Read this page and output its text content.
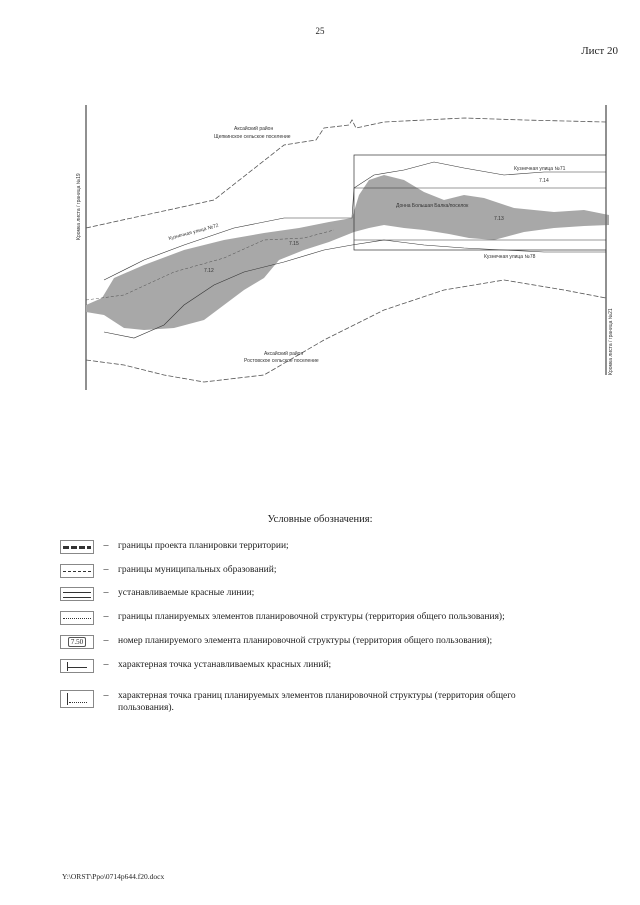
25
Лист 20
Аксайский район
Щепкинское сельское поселение
Аксайский район
Ростовское сельское поселение
Кузнечная улица №71
Кузнечная улица №72
Кузнечная улица №78
Донна Большая Балка/поселок
7.12
7.13
7.14
7.15
Кромка листа / граница №19
Кромка листа / граница №21
Условные обозначения:
–	границы проекта планировки территории;
–	границы муниципальных образований;
–	устанавливаемые красные линии;
–	границы планируемых элементов планировочной структуры (территория общего пользования);
7.50	–	номер планируемого элемента планировочной структуры (территория общего пользования);
–	характерная точка устанавливаемых красных линий;
–	характерная точка границ планируемых элементов планировочной структуры (территория общего пользования).
Y:\ORST\Ppo\0714p644.f20.docx
